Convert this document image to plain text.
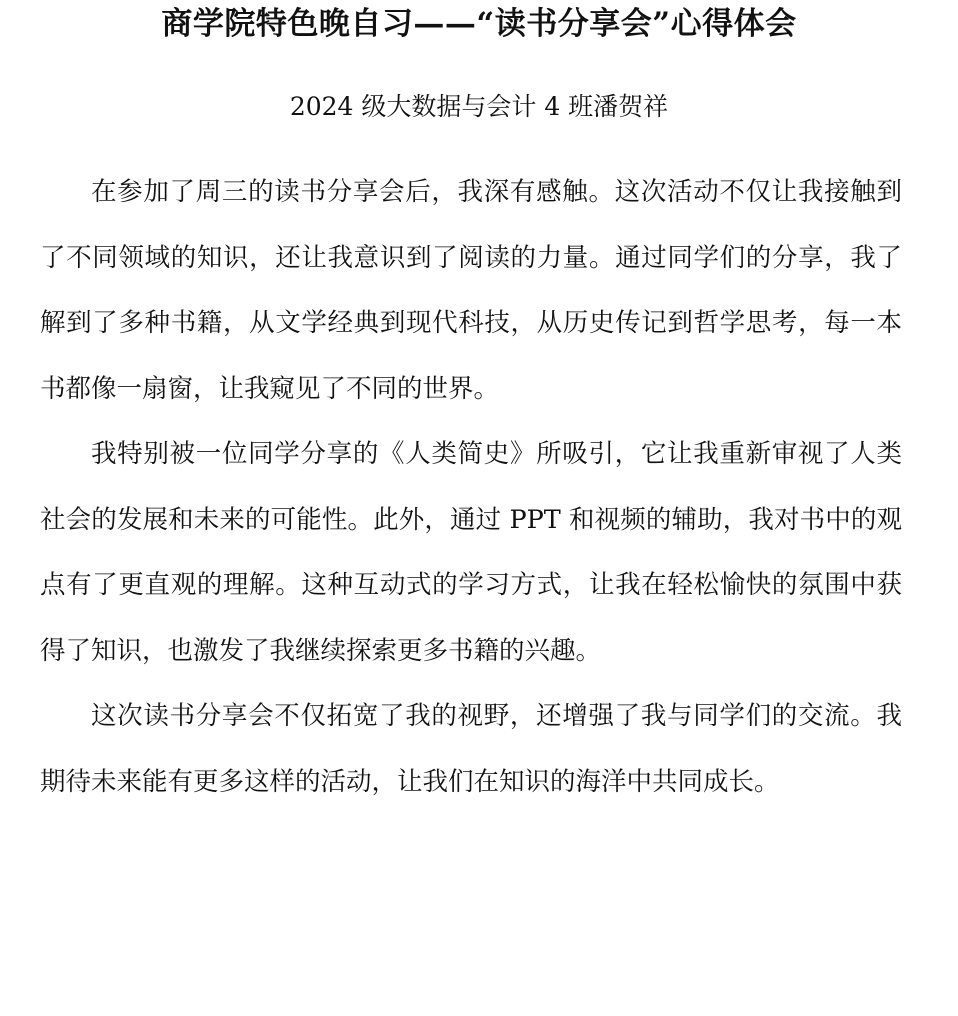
商学院特色晚自习——“读书分享会”心得体会
2024 级大数据与会计 4 班潘贺祥

在参加了周三的读书分享会后，我深有感触。这次活动不仅让我接触到了不同领域的知识，还让我意识到了阅读的力量。通过同学们的分享，我了解到了多种书籍，从文学经典到现代科技，从历史传记到哲学思考，每一本书都像一扇窗，让我窥见了不同的世界。

我特别被一位同学分享的《人类简史》所吸引，它让我重新审视了人类社会的发展和未来的可能性。此外，通过 PPT 和视频的辅助，我对书中的观点有了更直观的理解。这种互动式的学习方式，让我在轻松愉快的氛围中获得了知识，也激发了我继续探索更多书籍的兴趣。

这次读书分享会不仅拓宽了我的视野，还增强了我与同学们的交流。我期待未来能有更多这样的活动，让我们在知识的海洋中共同成长。
